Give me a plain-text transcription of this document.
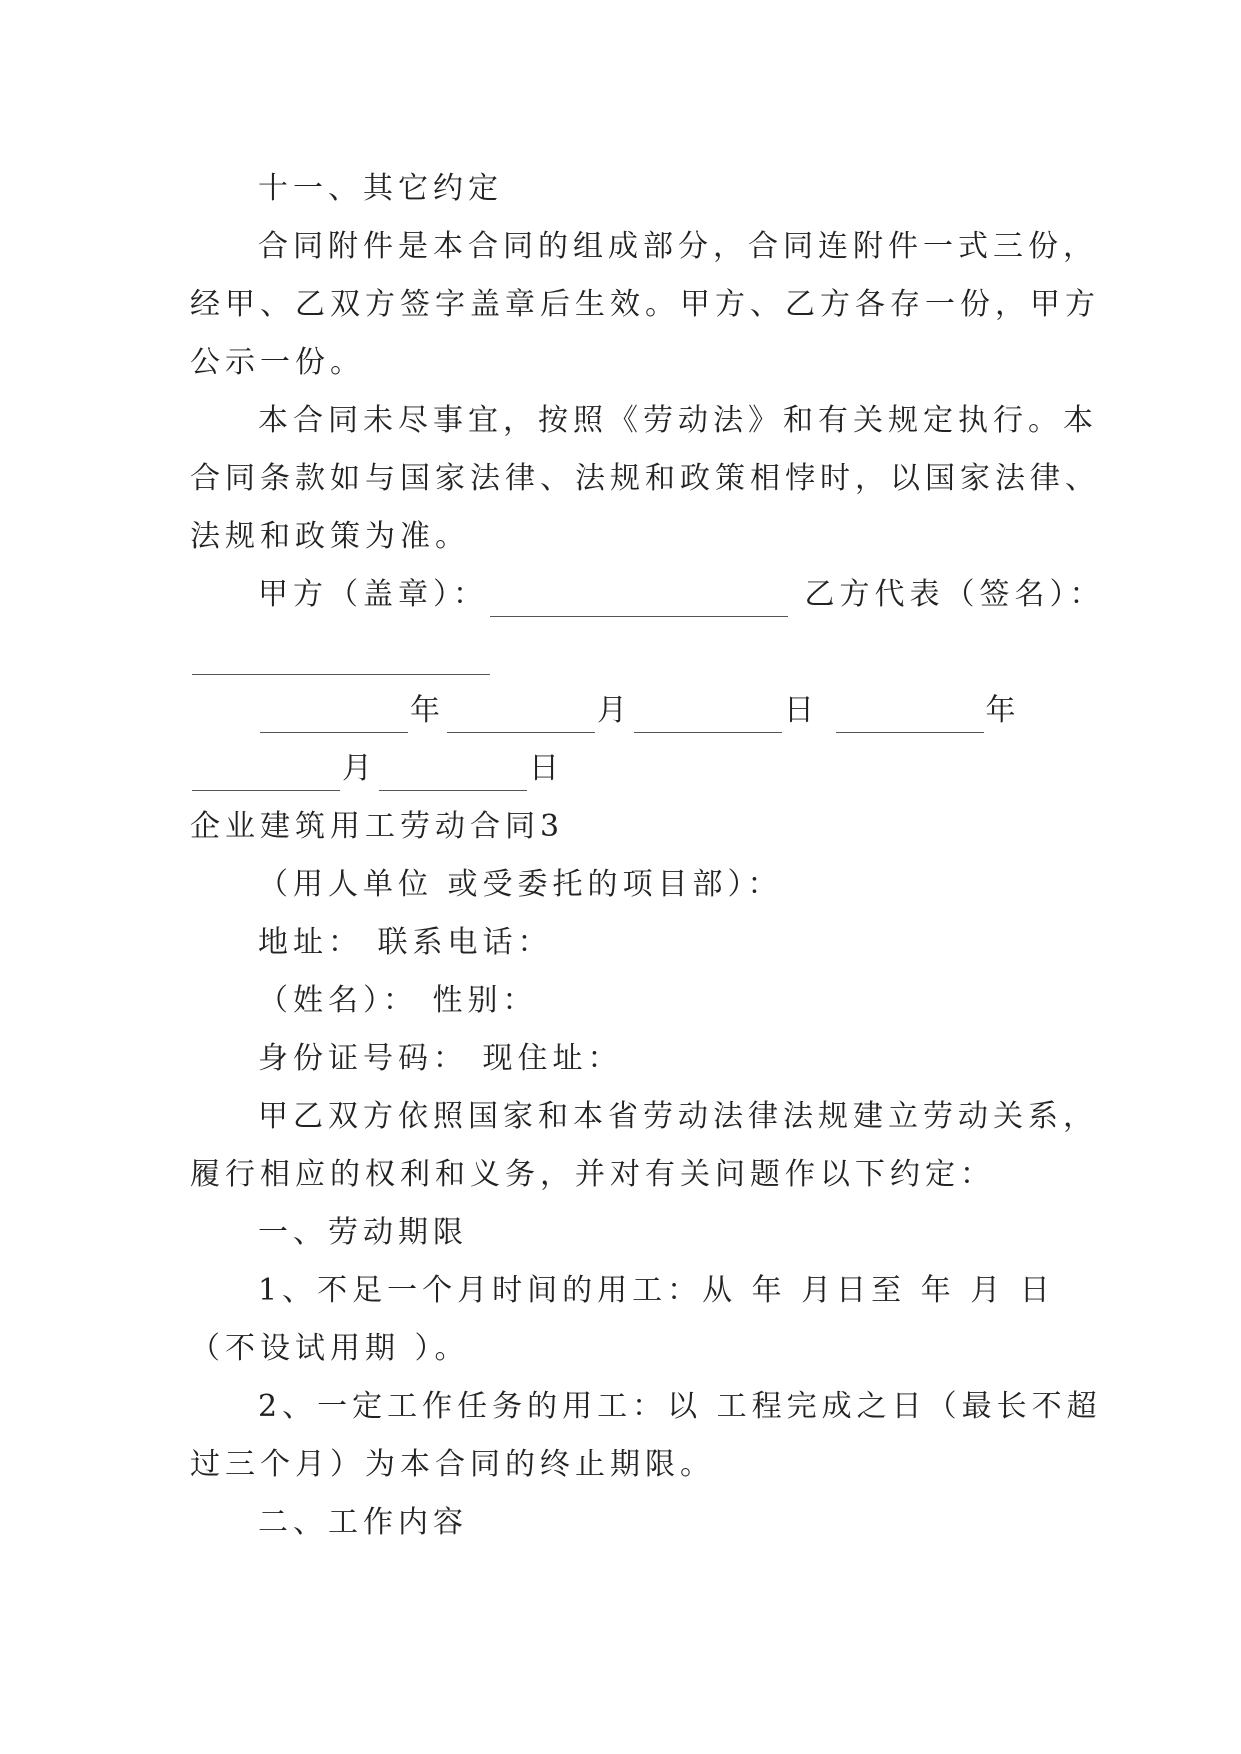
十一、其它约定
合同附件是本合同的组成部分，合同连附件一式三份，
经甲、乙双方签字盖章后生效。甲方、乙方各存一份，甲方
公示一份。
本合同未尽事宜，按照《劳动法》和有关规定执行。本
合同条款如与国家法律、法规和政策相悖时，以国家法律、
法规和政策为准。
甲方（盖章）：	乙方代表（签名）：
年	月	日	年
月	日
企业建筑用工劳动合同3
（用人单位 或受委托的项目部）：
地址： 联系电话：
（姓名）： 性别：
身份证号码： 现住址：
甲乙双方依照国家和本省劳动法律法规建立劳动关系，
履行相应的权利和义务，并对有关问题作以下约定：
一、劳动期限
1、不足一个月时间的用工：从 年 月日至 年 月 日
（不设试用期 ）。
2、一定工作任务的用工：以 工程完成之日（最长不超
过三个月）为本合同的终止期限。
二、工作内容
